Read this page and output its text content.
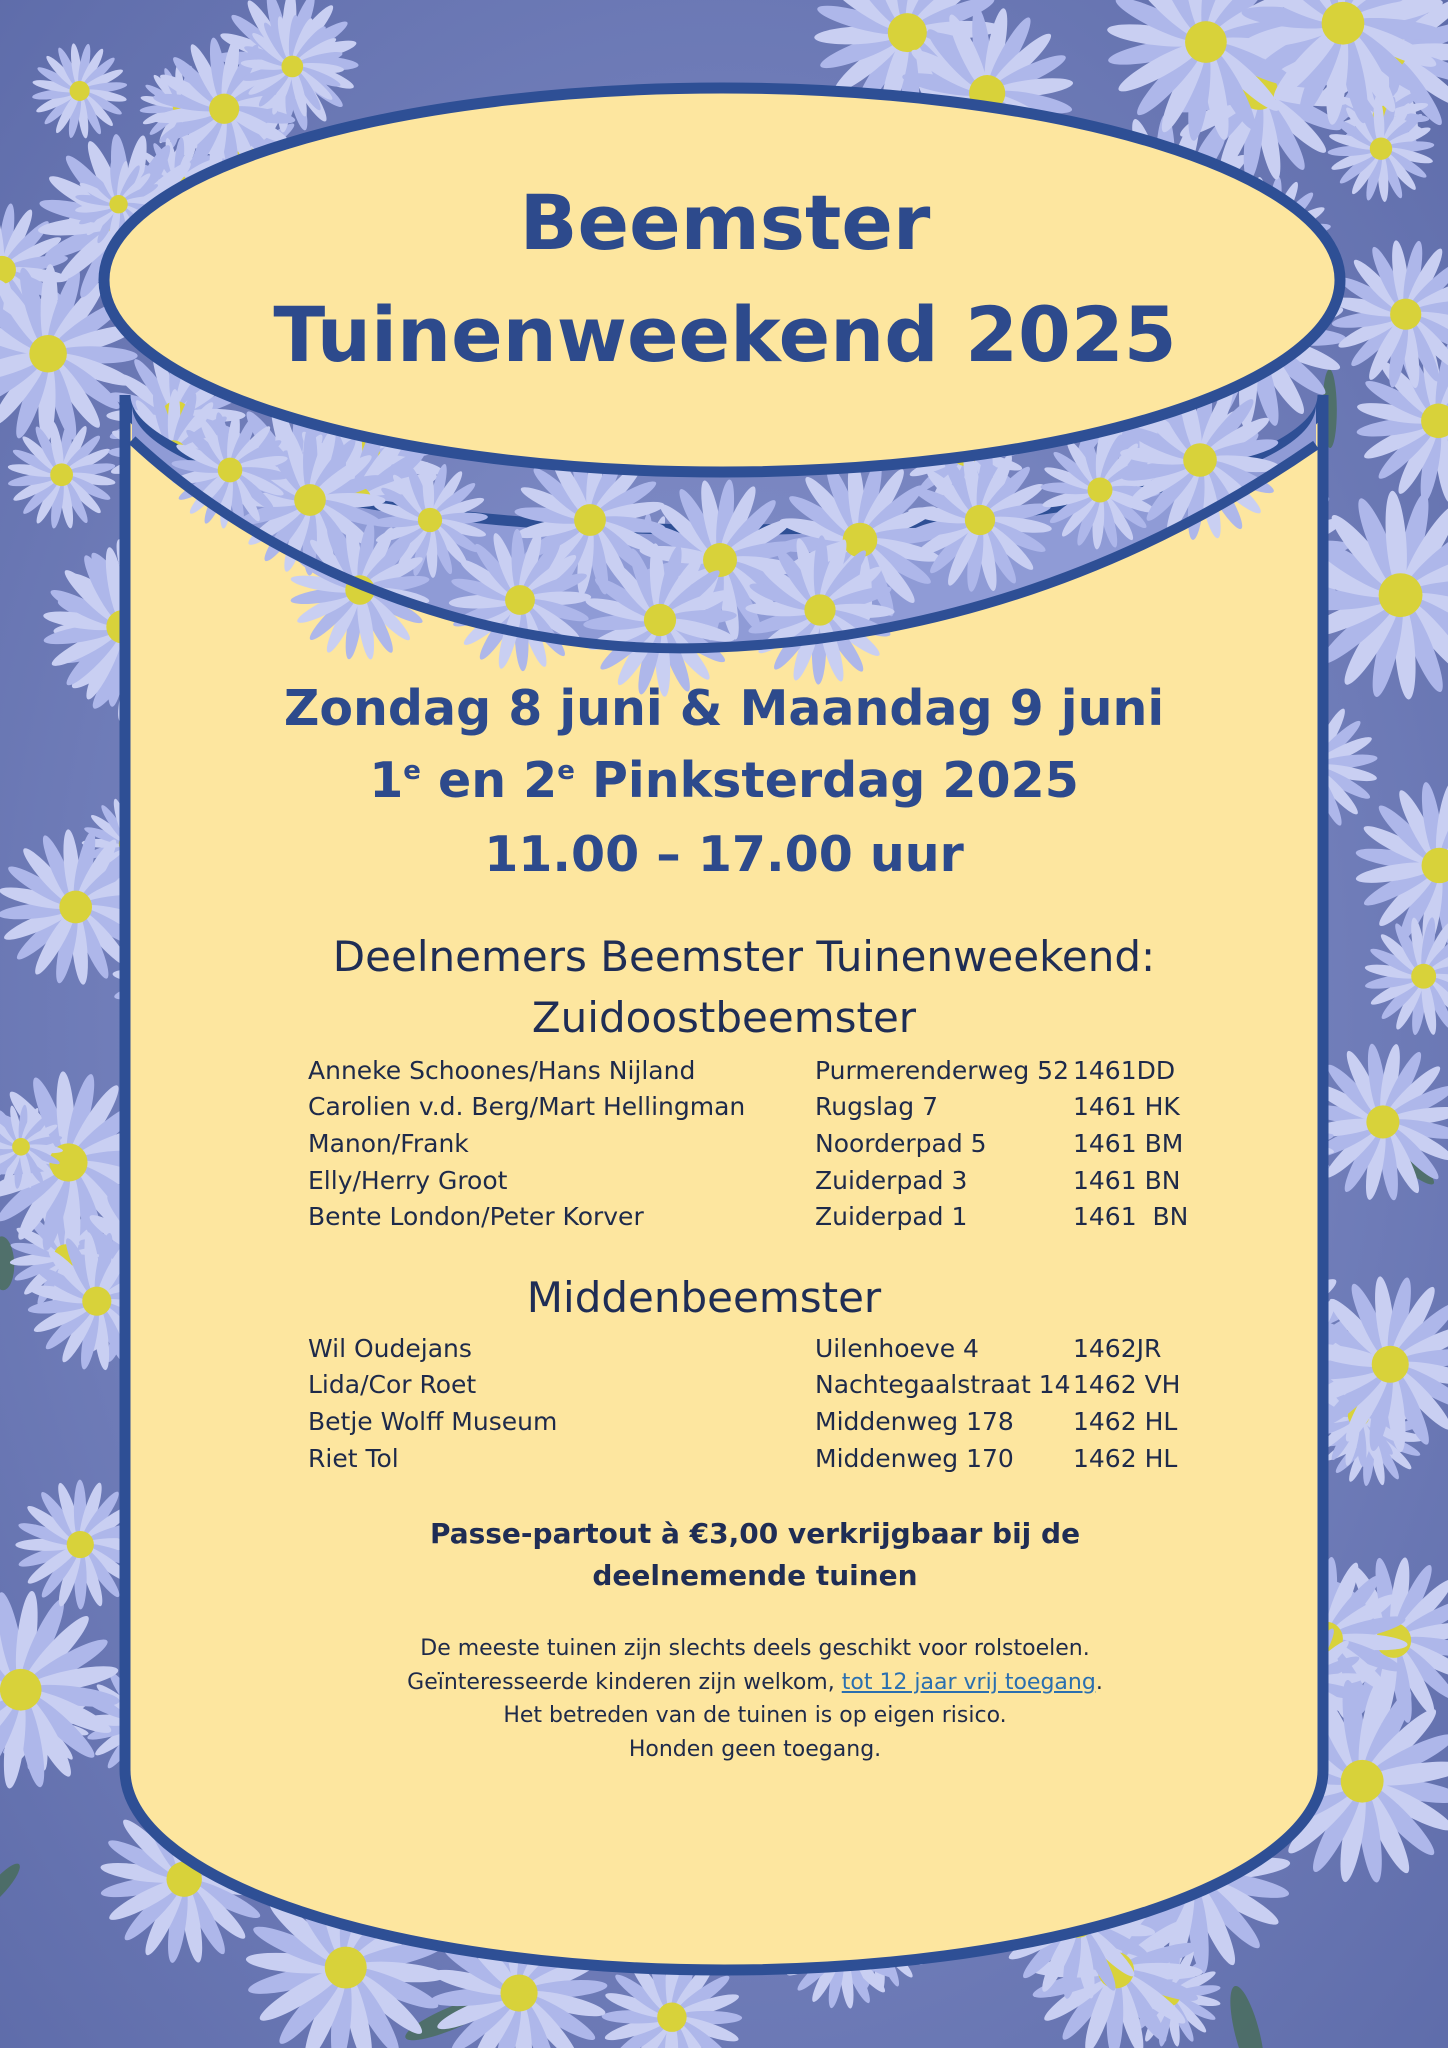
Beemster
Tuinenweekend 2025
Zondag 8 juni & Maandag 9 juni
1e en 2e Pinksterdag 2025
11.00 – 17.00 uur
Deelnemers Beemster Tuinenweekend:
Zuidoostbeemster
Anneke Schoones/Hans Nijland	Purmerenderweg 52	1461DD
Carolien v.d. Berg/Mart Hellingman	Rugslag 7	1461 HK
Manon/Frank	Noorderpad 5	1461 BM
Elly/Herry Groot	Zuiderpad 3	1461 BN
Bente London/Peter Korver	Zuiderpad 1	1461  BN
Middenbeemster
Wil Oudejans	Uilenhoeve 4	1462JR
Lida/Cor Roet	Nachtegaalstraat 14	1462 VH
Betje Wolff Museum	Middenweg 178	1462 HL
Riet Tol	Middenweg 170	1462 HL
Passe-partout à €3,00 verkrijgbaar bij de deelnemende tuinen
De meeste tuinen zijn slechts deels geschikt voor rolstoelen.
Geïnteresseerde kinderen zijn welkom, tot 12 jaar vrij toegang.
Het betreden van de tuinen is op eigen risico.
Honden geen toegang.
